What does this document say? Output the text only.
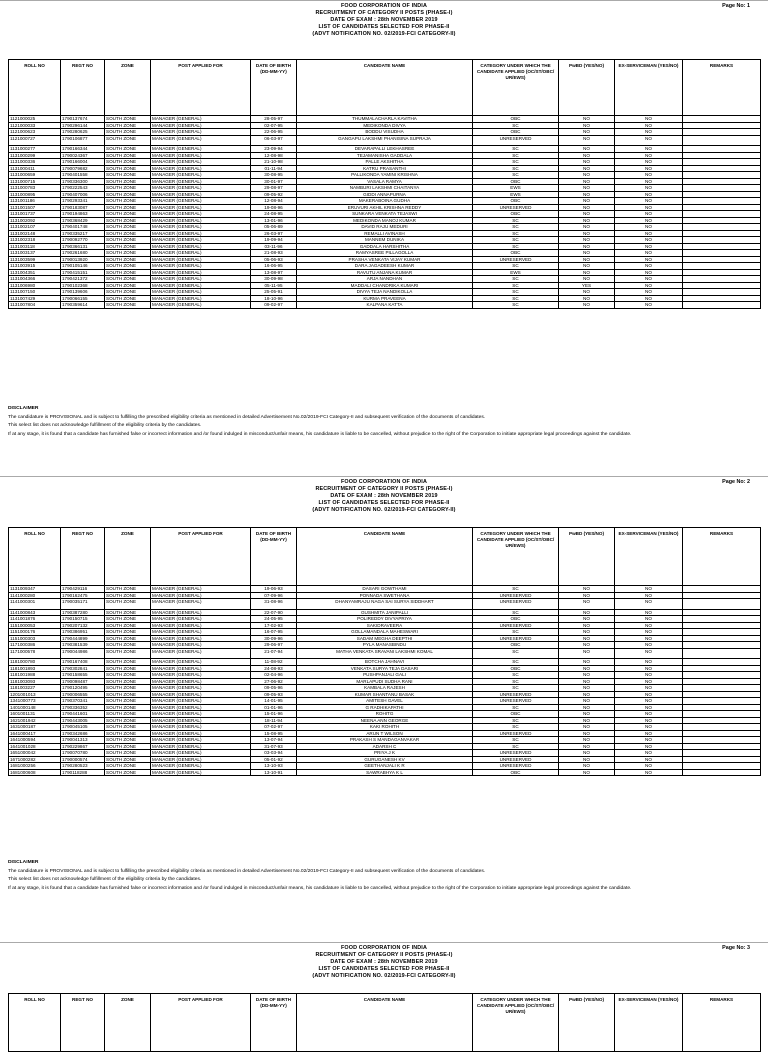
FOOD CORPORATION OF INDIA
RECRUITMENT OF CATEGORY II POSTS (PHASE-I)
DATE OF EXAM : 28th NOVEMBER 2019
LIST OF CANDIDATES SELECTED FOR PHASE-II
(ADVT NOTIFICATION NO. 02/2019-FCI CATEGORY-II)
Page No: 1
ROLL NO	REGT NO	ZONE	POST APPLIED FOR	DATE OF BIRTH (DD-MM-YY)	CANDIDATE NAME	CATEGORY UNDER WHICH THE CANDIDATE APPLIED (OC/ST/OBC/ UR/EWS)	PwBD (YES/NO)	EX-SERVICEMAN (YES/NO)	REMARKS
1121000025	1790137674	SOUTH ZONE	MANAGER (GENERAL)	28-05-97	THUMMALACHARLA KAVITHA	OBC	NO	NO	
1121000033	1790296144	SOUTH ZONE	MANAGER (GENERAL)	02-07-95	MEDIKONDA DIVYA	SC	NO	NO	
1121000623	1790280625	SOUTH ZONE	MANAGER (GENERAL)	22-06-95	BODDU VISUDHA	OBC	NO	NO	
1121000727	1790106877	SOUTH ZONE	MANAGER (GENERAL)	06-03-97	GANGAPU LAKSHMI PHANISINA SUPRAJA	UNRESERVED	NO	NO	
1131000277	1790166344	SOUTH ZONE	MANAGER (GENERAL)	23-09-94	DEVARAPALLI LEKHASREE	SC	NO	NO	
1131000299	1790024367	SOUTH ZONE	MANAGER (GENERAL)	12-08-98	TEJAMANISHA GADDALA	SC	NO	NO	
1131000336	1790166004	SOUTH ZONE	MANAGER (GENERAL)	21-10-98	PALLE AKSHITHA	SC	NO	NO	
1131000411	1790079682	SOUTH ZONE	MANAGER (GENERAL)	01-11-94	KATRU PRASANTHI	SC	NO	NO	
1131000659	1790401558	SOUTH ZONE	MANAGER (GENERAL)	30-08-95	PALLIKONDA YAMINI KRISHNA	SC	NO	NO	
1131000715	1790336300	SOUTH ZONE	MANAGER (GENERAL)	30-01-97	VASALA RAMYA	OBC	NO	NO	
1131000783	1790222543	SOUTH ZONE	MANAGER (GENERAL)	29-08-97	NAMBURI LAKSHMI CHAITANYA	EWS	NO	NO	
1131000895	1790407006	SOUTH ZONE	MANAGER (GENERAL)	09-05-92	GIDDI ANNAPURNA	EWS	NO	NO	
1131001186	1790293341	SOUTH ZONE	MANAGER (GENERAL)	12-08-94	MAKERABOINA GUDHA	OBC	NO	NO	
1131001507	1790183087	SOUTH ZONE	MANAGER (GENERAL)	19-08-96	ERUVURI AKHIL KRISHNA REDDY	UNRESERVED	NO	NO	
1131001737	1790194863	SOUTH ZONE	MANAGER (GENERAL)	24-08-95	SUNKARA VENKATA TEJASWI	OBC	NO	NO	
1131002092	1790368429	SOUTH ZONE	MANAGER (GENERAL)	13-01-96	MEDIKONDA MANOJ KUMAR	SC	NO	NO	
1131002107	1790401748	SOUTH ZONE	MANAGER (GENERAL)	05-06-89	DAVID RAJU MEDURI	SC	NO	NO	
1131002148	1790335217	SOUTH ZONE	MANAGER (GENERAL)	26-03-97	REMALLI AVINASH	SC	NO	NO	
1131002318	1790092770	SOUTH ZONE	MANAGER (GENERAL)	19-09-94	MANNEM DUNIKA	SC	NO	NO	
1131003118	1790366131	SOUTH ZONE	MANAGER (GENERAL)	03-11-96	GADDALA HARSHITHA	SC	NO	NO	
1131003137	1790261680	SOUTH ZONE	MANAGER (GENERAL)	21-08-93	RAMYASREE PILLAGOLLA	OBC	NO	NO	
1131003599	1790013920	SOUTH ZONE	MANAGER (GENERAL)	05-06-93	PRASHA VENKATA VIJAY KUMAR	UNRESERVED	NO	NO	
1131003915	1790105146	SOUTH ZONE	MANAGER (GENERAL)	16-06-95	DARA JAGADEESH KUMAR	SC	NO	NO	
1131004351	1790415151	SOUTH ZONE	MANAGER (GENERAL)	13-08-97	RAVUTU ANJANA KUMAR	EWS	NO	NO	
1131004366	1790421372	SOUTH ZONE	MANAGER (GENERAL)	30-09-98	ARJA NANDHAN	SC	NO	NO	
1131006980	1790102368	SOUTH ZONE	MANAGER (GENERAL)	05-11-95	MADDALI CHANDRIKA KUMARI	SC	YES	NO	
1131007150	1790139606	SOUTH ZONE	MANAGER (GENERAL)	25-05-91	DIVYA TEJA NANDIKOLLA	SC	NO	NO	
1131007429	1790066155	SOUTH ZONE	MANAGER (GENERAL)	18-10-96	KURMA PRAVEENA	SC	NO	NO	
1131007804	1790359614	SOUTH ZONE	MANAGER (GENERAL)	09-02-97	KALPANA KATTA	SC	NO	NO	
DISCLAIMER
The candidature is PROVISIONAL and is subject to fulfilling the prescribed eligibility criteria as mentioned in detailed Advertisement No.02/2019-FCI Category-II and subsequent verification of the documents of candidates.
This select list does not acknowledge fulfillment of the eligibility criteria by the candidates.
If at any stage, it is found that a candidate has furnished false or incorrect information and /or found indulged in misconduct/unfair means, his candidature is liable to be cancelled, without prejudice to the right of the Corporation to initiate appropriate legal proceedings against the candidate.
FOOD CORPORATION OF INDIA
RECRUITMENT OF CATEGORY II POSTS (PHASE-I)
DATE OF EXAM : 28th NOVEMBER 2019
LIST OF CANDIDATES SELECTED FOR PHASE-II
(ADVT NOTIFICATION NO. 02/2019-FCI CATEGORY-II)
Page No: 2
ROLL NO	REGT NO	ZONE	POST APPLIED FOR	DATE OF BIRTH (DD-MM-YY)	CANDIDATE NAME	CATEGORY UNDER WHICH THE CANDIDATE APPLIED (OC/ST/OBC/ UR/EWS)	PwBD (YES/NO)	EX-SERVICEMAN (YES/NO)	REMARKS
1131009347	1790429116	SOUTH ZONE	MANAGER (GENERAL)	19-06-93	DASARI GOWTHAMI	SC	NO	NO	
1141000280	1790162475	SOUTH ZONE	MANAGER (GENERAL)	07-09-96	PONNADA SWETHANA	UNRESERVED	NO	NO	
1141000301	1790035171	SOUTH ZONE	MANAGER (GENERAL)	31-08-96	DHANYAMRAJU NAGA SAI SURYA SIDDHART	UNRESERVED	NO	NO	
1141000843	1790387280	SOUTH ZONE	MANAGER (GENERAL)	22-07-90	GUSHMITA JANIPALLI	SC	NO	NO	
1141001876	1790150715	SOUTH ZONE	MANAGER (GENERAL)	24-05-95	POLIREDDY DIVYAPRIYA	OBC	NO	NO	
1151000053	1790207132	SOUTH ZONE	MANAGER (GENERAL)	17-02-93	SAKIDRAVEERA	UNRESERVED	NO	NO	
1151000176	1790386951	SOUTH ZONE	MANAGER (GENERAL)	16-07-95	GOLLAMANDALA MAHESWARI	SC	NO	NO	
1151000303	1790444899	SOUTH ZONE	MANAGER (GENERAL)	30-09-96	SADAM MEGHA DEEPTHI	UNRESERVED	NO	NO	
1171000386	1790381539	SOUTH ZONE	MANAGER (GENERAL)	29-06-97	PYLA MANASBINDU	OBC	NO	NO	
1171000578	1790044986	SOUTH ZONE	MANAGER (GENERAL)	21-07-94	MATHA VENKATA SRAVANI LAKSHMI KOMAL	SC	NO	NO	
1181000780	1790167408	SOUTH ZONE	MANAGER (GENERAL)	11-08-92	BOTCHA JAHNAVI	SC	NO	NO	
1181001893	1790302841	SOUTH ZONE	MANAGER (GENERAL)	24-08-93	VENKATA SURYA TEJA DASARI	OBC	NO	NO	
1181001988	1790158655	SOUTH ZONE	MANAGER (GENERAL)	02-04-96	PUSHPANJALI GALI	SC	NO	NO	
1181003093	1790098487	SOUTH ZONE	MANAGER (GENERAL)	27-06-92	MARLAPUDI SUDHA RANI	SC	NO	NO	
1181003227	1790120495	SOUTH ZONE	MANAGER (GENERAL)	09-05-96	KAMBALA RAJESH	SC	NO	NO	
1201001013	1790006555	SOUTH ZONE	MANAGER (GENERAL)	09-05-93	KUMAR SHANTANU BASAK	UNRESERVED	NO	NO	
1341000773	1790370341	SOUTH ZONE	MANAGER (GENERAL)	14-01-95	AMITESH GAVEL	UNRESERVED	NO	NO	
1401000148	1790336352	SOUTH ZONE	MANAGER (GENERAL)	01-01-96	G RADHIKAPATHI	SC	NO	NO	
1601001131	1790441601	SOUTH ZONE	MANAGER (GENERAL)	15-01-96	ROHITG	OBC	NO	NO	
1621001942	1790443005	SOUTH ZONE	MANAGER (GENERAL)	18-11-94	NEENA ANN GEORGE	SC	NO	NO	
1631000187	1790045105	SOUTH ZONE	MANAGER (GENERAL)	07-02-97	KAKI ROHITH	SC	NO	NO	
1641000417	1790342686	SOUTH ZONE	MANAGER (GENERAL)	15-08-95	ARUN T WILSON	UNRESERVED	NO	NO	
1641000594	1790041313	SOUTH ZONE	MANAGER (GENERAL)	13-07-94	PRAKASH S MANDAGANVAKAR	SC	NO	NO	
1641001028	1790229867	SOUTH ZONE	MANAGER (GENERAL)	31-07-93	ADARSH C	SC	NO	NO	
1651000042	1790070780	SOUTH ZONE	MANAGER (GENERAL)	03-03-94	PRIYA J K	UNRESERVED	NO	NO	
1671000282	1790000574	SOUTH ZONE	MANAGER (GENERAL)	05-01-92	GURUGANESH KV	UNRESERVED	NO	NO	
1681000256	1790280523	SOUTH ZONE	MANAGER (GENERAL)	13-10-93	GEETHANJALI K R	UNRESERVED	NO	NO	
1681000608	1790118288	SOUTH ZONE	MANAGER (GENERAL)	13-10-91	SAWRABHYA K L	OBC	NO	NO	
DISCLAIMER
The candidature is PROVISIONAL and is subject to fulfilling the prescribed eligibility criteria as mentioned in detailed Advertisement No.02/2019-FCI Category-II and subsequent verification of the documents of candidates.
This select list does not acknowledge fulfillment of the eligibility criteria by the candidates.
If at any stage, it is found that a candidate has furnished false or incorrect information and /or found indulged in misconduct/unfair means, his candidature is liable to be cancelled, without prejudice to the right of the Corporation to initiate appropriate legal proceedings against the candidate.
FOOD CORPORATION OF INDIA
RECRUITMENT OF CATEGORY II POSTS (PHASE-I)
DATE OF EXAM : 28th NOVEMBER 2019
LIST OF CANDIDATES SELECTED FOR PHASE-II
(ADVT NOTIFICATION NO. 02/2019-FCI CATEGORY-II)
Page No: 3
ROLL NO	REGT NO	ZONE	POST APPLIED FOR	DATE OF BIRTH (DD-MM-YY)	CANDIDATE NAME	CATEGORY UNDER WHICH THE CANDIDATE APPLIED (OC/ST/OBC/ UR/EWS)	PwBD (YES/NO)	EX-SERVICEMAN (YES/NO)	REMARKS
